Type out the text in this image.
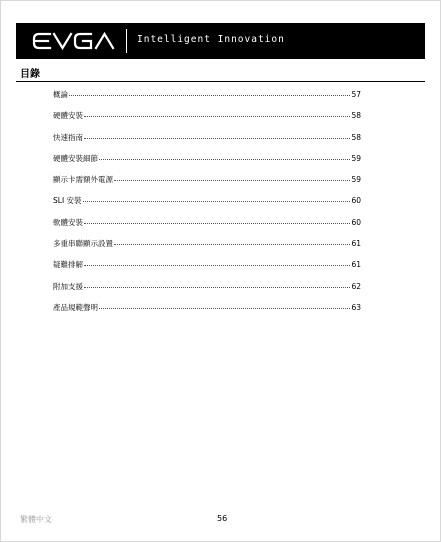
Intelligent Innovation
目錄
概論	57
硬體安裝	58
快速指南	58
硬體安裝細節	59
顯示卡需額外電源	59
SLI 安裝	60
軟體安裝	60
多重串聯顯示設置	61
疑難排解	61
附加支援	62
產品規範聲明	63
繁體中文	56
